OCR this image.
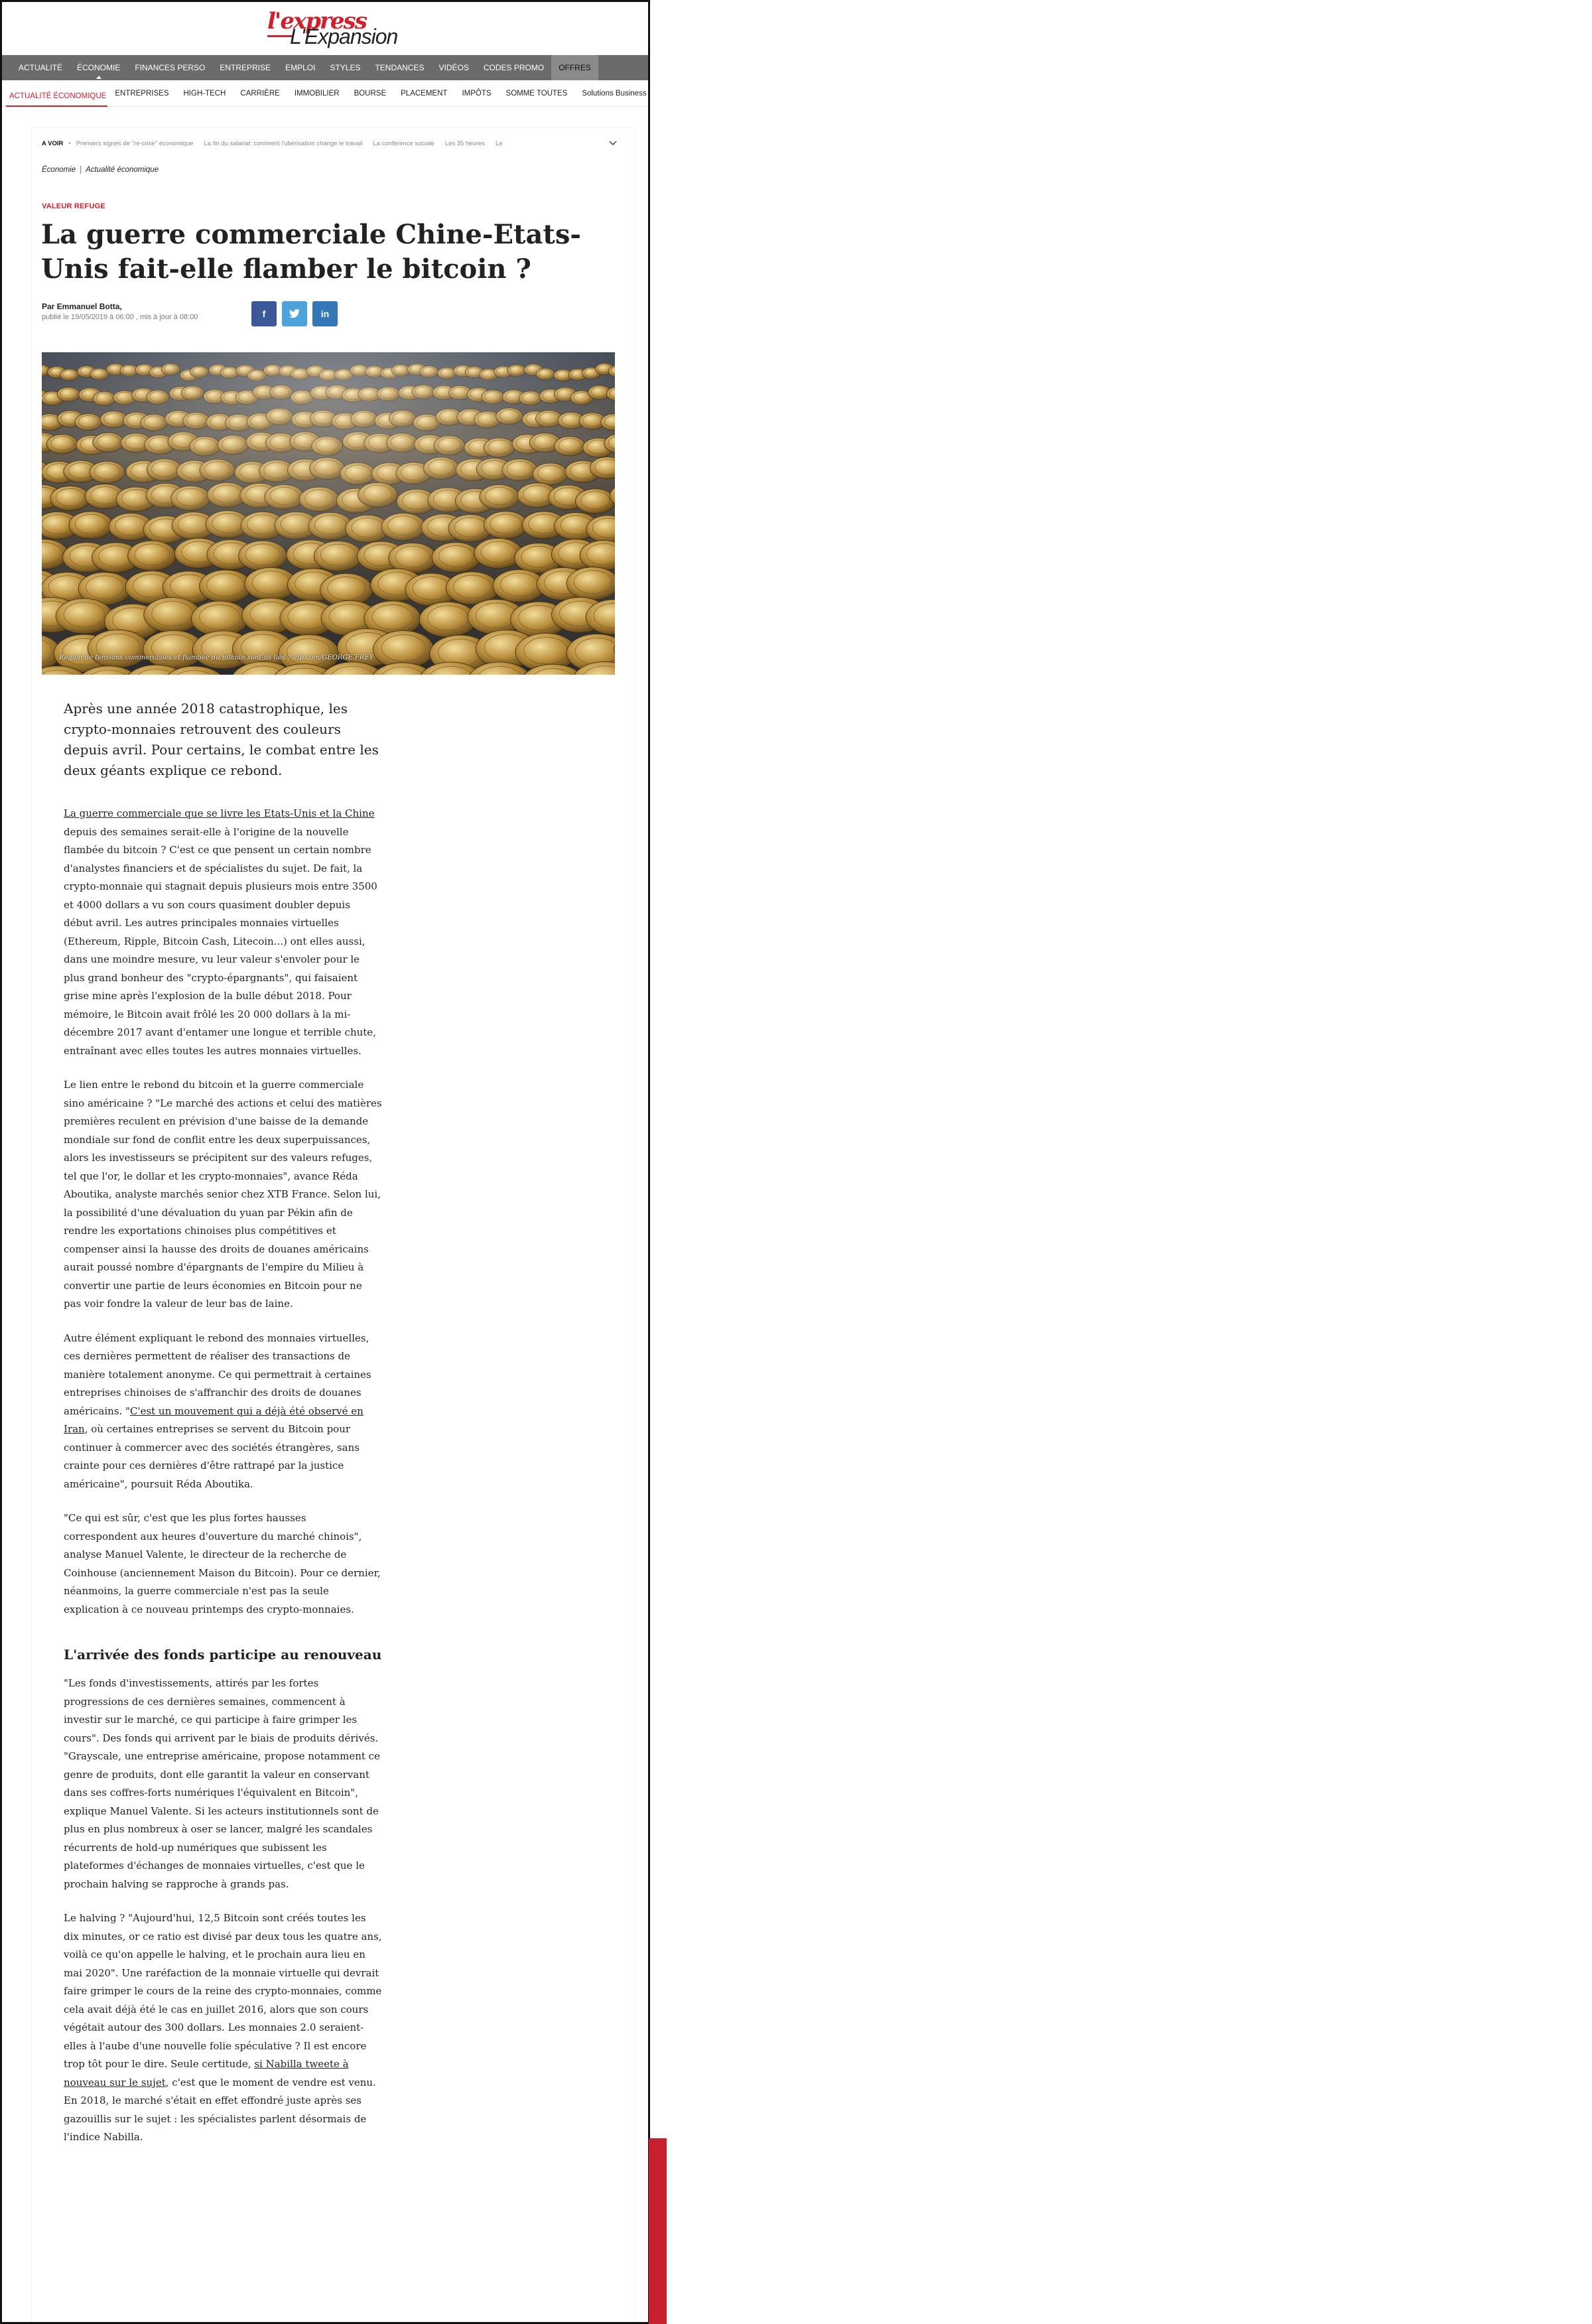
l'express
L'Expansion
ACTUALITÉ	ÉCONOMIE	FINANCES PERSO	ENTREPRISE	EMPLOI	STYLES	TENDANCES	VIDÉOS	CODES PROMO	OFFRES
ACTUALITÉ ÉCONOMIQUE	ENTREPRISES	HIGH-TECH	CARRIÈRE	IMMOBILIER	BOURSE	PLACEMENT	IMPÔTS	SOMME TOUTES	Solutions Business
A VOIR • Premiers signes de "re-crise" économique La fin du salariat: comment l'ubérisation change le travail La conférence sociale Les 35 heures Le
Économie | Actualité économique
VALEUR REFUGE
La guerre commerciale Chine-Etats-Unis fait-elle flamber le bitcoin ?
Par Emmanuel Botta,
publié le 19/05/2019 à 06:00 , mis à jour à 08:00	f	in
Regain de tensions commerciales et flambée du bitcoin sont-ils liés ? afp.com/GEORGE FREY

Après une année 2018 catastrophique, les crypto-monnaies retrouvent des couleurs depuis avril. Pour certains, le combat entre les deux géants explique ce rebond.

La guerre commerciale que se livre les Etats-Unis et la Chine depuis des semaines serait-elle à l'origine de la nouvelle flambée du bitcoin ? C'est ce que pensent un certain nombre d'analystes financiers et de spécialistes du sujet. De fait, la crypto-monnaie qui stagnait depuis plusieurs mois entre 3500 et 4000 dollars a vu son cours quasiment doubler depuis début avril. Les autres principales monnaies virtuelles (Ethereum, Ripple, Bitcoin Cash, Litecoin...) ont elles aussi, dans une moindre mesure, vu leur valeur s'envoler pour le plus grand bonheur des "crypto-épargnants", qui faisaient grise mine après l'explosion de la bulle début 2018. Pour mémoire, le Bitcoin avait frôlé les 20 000 dollars à la mi-décembre 2017 avant d'entamer une longue et terrible chute, entraînant avec elles toutes les autres monnaies virtuelles.

Le lien entre le rebond du bitcoin et la guerre commerciale sino américaine ? "Le marché des actions et celui des matières premières reculent en prévision d'une baisse de la demande mondiale sur fond de conflit entre les deux superpuissances, alors les investisseurs se précipitent sur des valeurs refuges, tel que l'or, le dollar et les crypto-monnaies", avance Réda Aboutika, analyste marchés senior chez XTB France. Selon lui, la possibilité d'une dévaluation du yuan par Pékin afin de rendre les exportations chinoises plus compétitives et compenser ainsi la hausse des droits de douanes américains aurait poussé nombre d'épargnants de l'empire du Milieu à convertir une partie de leurs économies en Bitcoin pour ne pas voir fondre la valeur de leur bas de laine.

Autre élément expliquant le rebond des monnaies virtuelles, ces dernières permettent de réaliser des transactions de manière totalement anonyme. Ce qui permettrait à certaines entreprises chinoises de s'affranchir des droits de douanes américains. "C'est un mouvement qui a déjà été observé en Iran, où certaines entreprises se servent du Bitcoin pour continuer à commercer avec des sociétés étrangères, sans crainte pour ces dernières d'être rattrapé par la justice américaine", poursuit Réda Aboutika.

"Ce qui est sûr, c'est que les plus fortes hausses correspondent aux heures d'ouverture du marché chinois", analyse Manuel Valente, le directeur de la recherche de Coinhouse (anciennement Maison du Bitcoin). Pour ce dernier, néanmoins, la guerre commerciale n'est pas la seule explication à ce nouveau printemps des crypto-monnaies.

L'arrivée des fonds participe au renouveau

"Les fonds d'investissements, attirés par les fortes progressions de ces dernières semaines, commencent à investir sur le marché, ce qui participe à faire grimper les cours". Des fonds qui arrivent par le biais de produits dérivés. "Grayscale, une entreprise américaine, propose notamment ce genre de produits, dont elle garantit la valeur en conservant dans ses coffres-forts numériques l'équivalent en Bitcoin", explique Manuel Valente. Si les acteurs institutionnels sont de plus en plus nombreux à oser se lancer, malgré les scandales récurrents de hold-up numériques que subissent les plateformes d'échanges de monnaies virtuelles, c'est que le prochain halving se rapproche à grands pas.

Le halving ? "Aujourd'hui, 12,5 Bitcoin sont créés toutes les dix minutes, or ce ratio est divisé par deux tous les quatre ans, voilà ce qu'on appelle le halving, et le prochain aura lieu en mai 2020". Une raréfaction de la monnaie virtuelle qui devrait faire grimper le cours de la reine des crypto-monnaies, comme cela avait déjà été le cas en juillet 2016, alors que son cours végétait autour des 300 dollars. Les monnaies 2.0 seraient-elles à l'aube d'une nouvelle folie spéculative ? Il est encore trop tôt pour le dire. Seule certitude, si Nabilla tweete à nouveau sur le sujet, c'est que le moment de vendre est venu. En 2018, le marché s'était en effet effondré juste après ses gazouillis sur le sujet : les spécialistes parlent désormais de l'indice Nabilla.
